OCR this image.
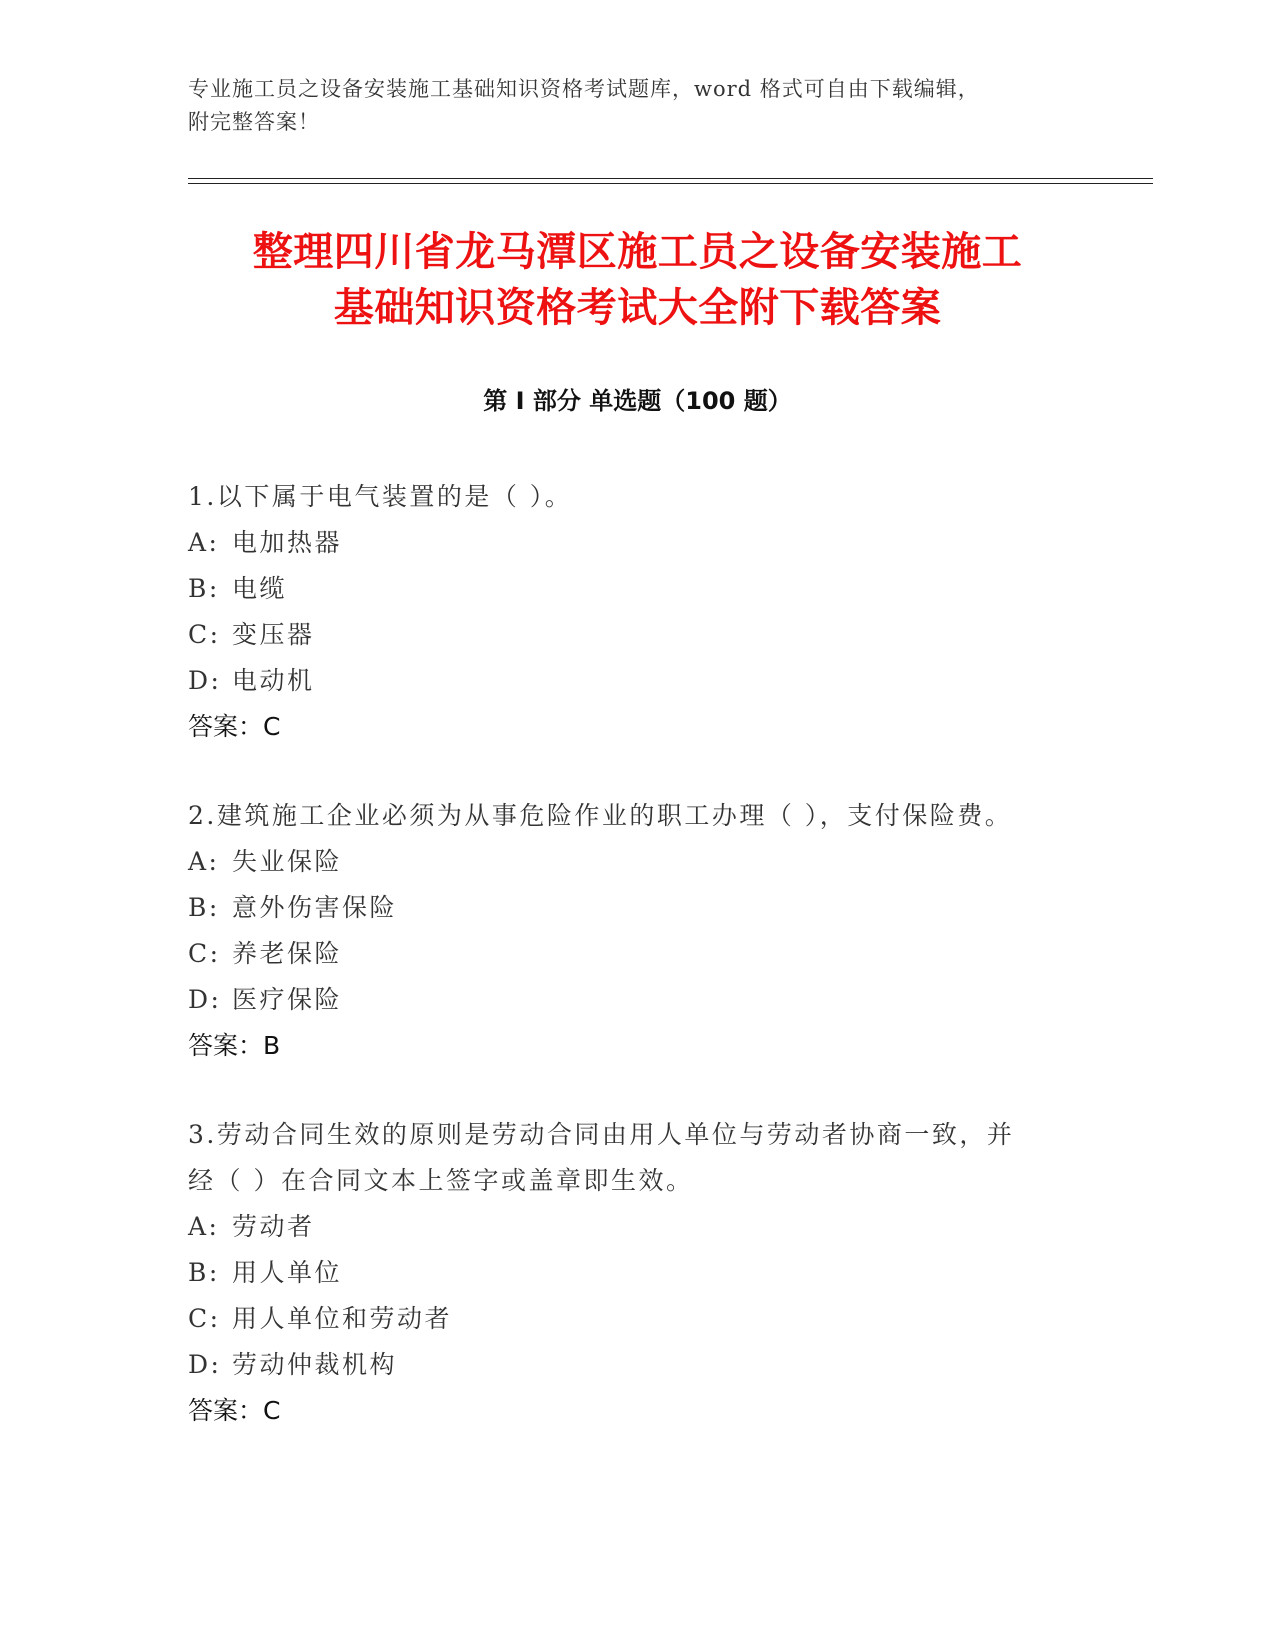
专业施工员之设备安装施工基础知识资格考试题库，word 格式可自由下载编辑，
附完整答案！
整理四川省龙马潭区施工员之设备安装施工
基础知识资格考试大全附下载答案
第 I 部分 单选题（100 题）
1.以下属于电气装置的是（ ）。
A: 电加热器
B: 电缆
C: 变压器
D: 电动机
答案：C
2.建筑施工企业必须为从事危险作业的职工办理（ ），支付保险费。
A: 失业保险
B: 意外伤害保险
C: 养老保险
D: 医疗保险
答案：B
3.劳动合同生效的原则是劳动合同由用人单位与劳动者协商一致，并
经（ ）在合同文本上签字或盖章即生效。
A: 劳动者
B: 用人单位
C: 用人单位和劳动者
D: 劳动仲裁机构
答案：C
